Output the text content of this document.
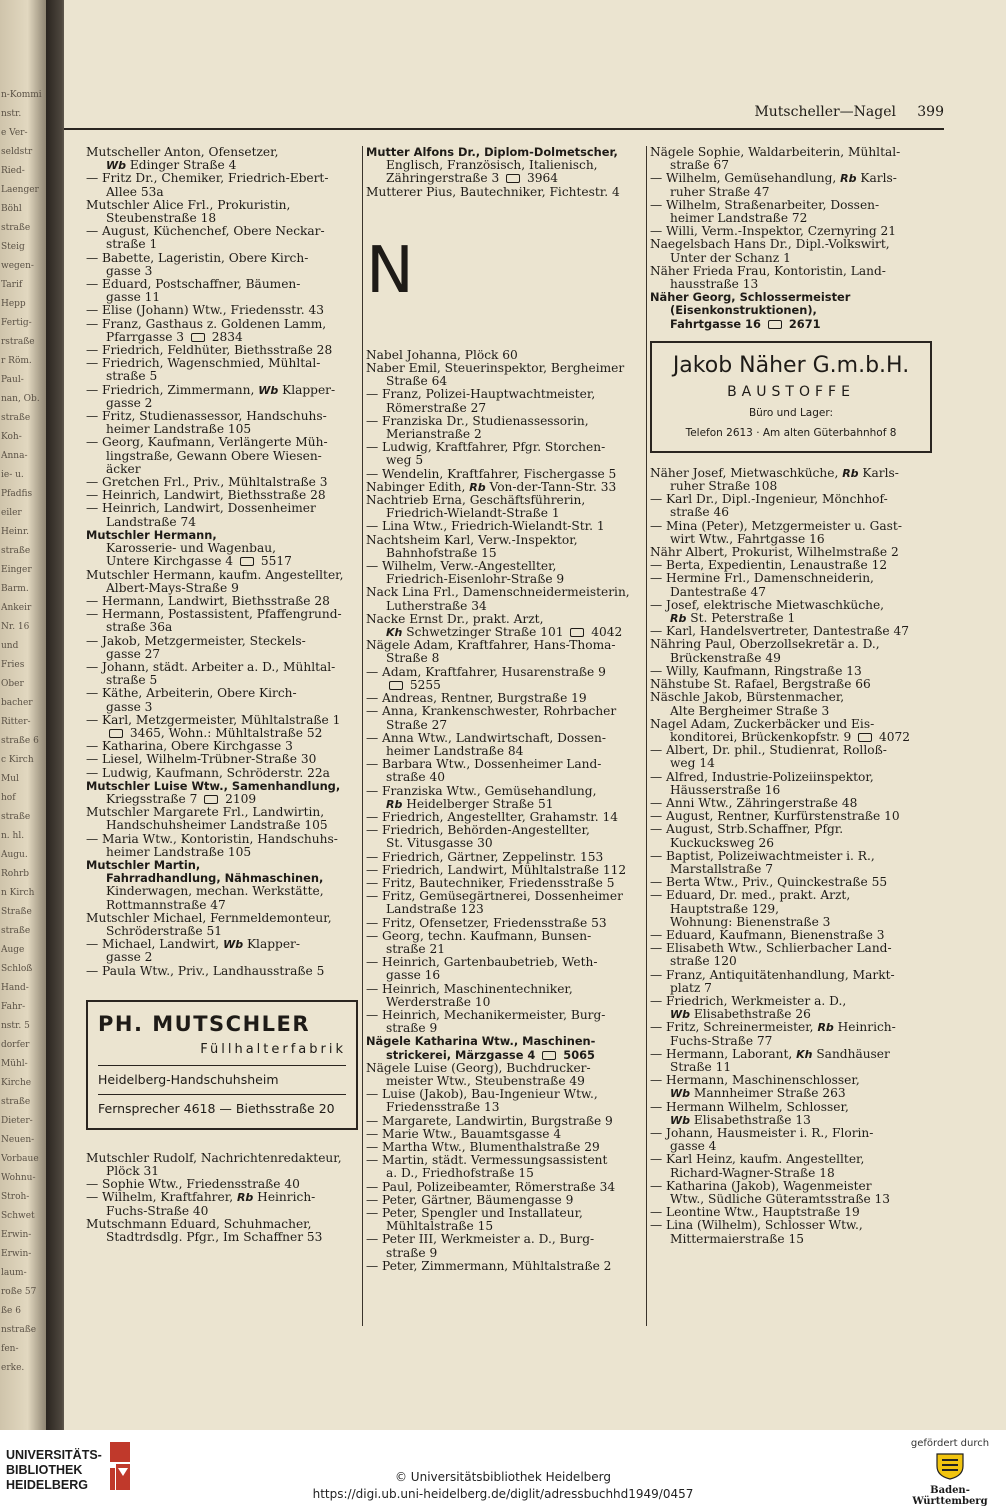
n-Kommi
nstr.
e Ver-
seldstr
Ried-
Laenger
Böhl
straße
Steig
wegen-
Tarif
Hepp
Fertig-
rstraße
r Röm.
Paul-
nan, Ob.
straße
Koh-
Anna-
ie- u.
Pfadfis
eiler
Heinr.
straße
Einger
Barm.
Ankeir
Nr. 16
und
Fries
Ober
bacher
Ritter-
straße 6
c Kirch
Mul
hof
straße
n. hl.
Augu.
Rohrb
n Kirch
Straße
straße
Auge
Schloß
Hand-
Fahr-
nstr. 5
dorfer
Mühl-
Kirche
straße
Dieter-
Neuen-
Vorbaue
Wohnu-
Stroh-
Schwet
Erwin-
Erwin-
laum-
roße 57
ße 6
nstraße
fen-
erke.
Mutscheller—Nagel 399
Mutscheller Anton, Ofensetzer,
Wb Edinger Straße 4
— Fritz Dr., Chemiker, Friedrich-Ebert-
Allee 53a
Mutschler Alice Frl., Prokuristin,
Steubenstraße 18
— August, Küchenchef, Obere Neckar-
straße 1
— Babette, Lageristin, Obere Kirch-
gasse 3
— Eduard, Postschaffner, Bäumen-
gasse 11
— Elise (Johann) Wtw., Friedensstr. 43
— Franz, Gasthaus z. Goldenen Lamm,
Pfarrgasse 3  2834
— Friedrich, Feldhüter, Biethsstraße 28
— Friedrich, Wagenschmied, Mühltal-
straße 5
— Friedrich, Zimmermann, Wb Klapper-
gasse 2
— Fritz, Studienassessor, Handschuhs-
heimer Landstraße 105
— Georg, Kaufmann, Verlängerte Müh-
lingstraße, Gewann Obere Wiesen-
äcker
— Gretchen Frl., Priv., Mühltalstraße 3
— Heinrich, Landwirt, Biethsstraße 28
— Heinrich, Landwirt, Dossenheimer
Landstraße 74
Mutschler Hermann,
Karosserie- und Wagenbau,
Untere Kirchgasse 4  5517
Mutschler Hermann, kaufm. Angestellter,
Albert-Mays-Straße 9
— Hermann, Landwirt, Biethsstraße 28
— Hermann, Postassistent, Pfaffengrund-
straße 36a
— Jakob, Metzgermeister, Steckels-
gasse 27
— Johann, städt. Arbeiter a. D., Mühltal-
straße 5
— Käthe, Arbeiterin, Obere Kirch-
gasse 3
— Karl, Metzgermeister, Mühltalstraße 1
3465, Wohn.: Mühltalstraße 52
— Katharina, Obere Kirchgasse 3
— Liesel, Wilhelm-Trübner-Straße 30
— Ludwig, Kaufmann, Schröderstr. 22a
Mutschler Luise Wtw., Samenhandlung,
Kriegsstraße 7  2109
Mutschler Margarete Frl., Landwirtin,
Handschuhsheimer Landstraße 105
— Maria Wtw., Kontoristin, Handschuhs-
heimer Landstraße 105
Mutschler Martin,
Fahrradhandlung, Nähmaschinen,
Kinderwagen, mechan. Werkstätte,
Rottmannstraße 47
Mutschler Michael, Fernmeldemonteur,
Schröderstraße 51
— Michael, Landwirt, Wb Klapper-
gasse 2
— Paula Wtw., Priv., Landhausstraße 5
PH. MUTSCHLER
Füllhalterfabrik
Heidelberg-Handschuhsheim
Fernsprecher 4618 — Biethsstraße 20
Mutschler Rudolf, Nachrichtenredakteur,
Plöck 31
— Sophie Wtw., Friedensstraße 40
— Wilhelm, Kraftfahrer, Rb Heinrich-
Fuchs-Straße 40
Mutschmann Eduard, Schuhmacher,
Stadtrdsdlg. Pfgr., Im Schaffner 53
Mutter Alfons Dr., Diplom-Dolmetscher,
Englisch, Französisch, Italienisch,
Zähringerstraße 3  3964
Mutterer Pius, Bautechniker, Fichtestr. 4
N
Nabel Johanna, Plöck 60
Naber Emil, Steuerinspektor, Bergheimer
Straße 64
— Franz, Polizei-Hauptwachtmeister,
Römerstraße 27
— Franziska Dr., Studienassessorin,
Merianstraße 2
— Ludwig, Kraftfahrer, Pfgr. Storchen-
weg 5
— Wendelin, Kraftfahrer, Fischergasse 5
Nabinger Edith, Rb Von-der-Tann-Str. 33
Nachtrieb Erna, Geschäftsführerin,
Friedrich-Wielandt-Straße 1
— Lina Wtw., Friedrich-Wielandt-Str. 1
Nachtsheim Karl, Verw.-Inspektor,
Bahnhofstraße 15
— Wilhelm, Verw.-Angestellter,
Friedrich-Eisenlohr-Straße 9
Nack Lina Frl., Damenschneidermeisterin,
Lutherstraße 34
Nacke Ernst Dr., prakt. Arzt,
Kh Schwetzinger Straße 101  4042
Nägele Adam, Kraftfahrer, Hans-Thoma-
Straße 8
— Adam, Kraftfahrer, Husarenstraße 9
5255
— Andreas, Rentner, Burgstraße 19
— Anna, Krankenschwester, Rohrbacher
Straße 27
— Anna Wtw., Landwirtschaft, Dossen-
heimer Landstraße 84
— Barbara Wtw., Dossenheimer Land-
straße 40
— Franziska Wtw., Gemüsehandlung,
Rb Heidelberger Straße 51
— Friedrich, Angestellter, Grahamstr. 14
— Friedrich, Behörden-Angestellter,
St. Vitusgasse 30
— Friedrich, Gärtner, Zeppelinstr. 153
— Friedrich, Landwirt, Mühltalstraße 112
— Fritz, Bautechniker, Friedensstraße 5
— Fritz, Gemüsegärtnerei, Dossenheimer
Landstraße 123
— Fritz, Ofensetzer, Friedensstraße 53
— Georg, techn. Kaufmann, Bunsen-
straße 21
— Heinrich, Gartenbaubetrieb, Weth-
gasse 16
— Heinrich, Maschinentechniker,
Werderstraße 10
— Heinrich, Mechanikermeister, Burg-
straße 9
Nägele Katharina Wtw., Maschinen-
strickerei, Märzgasse 4  5065
Nägele Luise (Georg), Buchdrucker-
meister Wtw., Steubenstraße 49
— Luise (Jakob), Bau-Ingenieur Wtw.,
Friedensstraße 13
— Margarete, Landwirtin, Burgstraße 9
— Marie Wtw., Bauamtsgasse 4
— Martha Wtw., Blumenthalstraße 29
— Martin, städt. Vermessungsassistent
a. D., Friedhofstraße 15
— Paul, Polizeibeamter, Römerstraße 34
— Peter, Gärtner, Bäumengasse 9
— Peter, Spengler und Installateur,
Mühltalstraße 15
— Peter III, Werkmeister a. D., Burg-
straße 9
— Peter, Zimmermann, Mühltalstraße 2
Nägele Sophie, Waldarbeiterin, Mühltal-
straße 67
— Wilhelm, Gemüsehandlung, Rb Karls-
ruher Straße 47
— Wilhelm, Straßenarbeiter, Dossen-
heimer Landstraße 72
— Willi, Verm.-Inspektor, Czernyring 21
Naegelsbach Hans Dr., Dipl.-Volkswirt,
Unter der Schanz 1
Näher Frieda Frau, Kontoristin, Land-
hausstraße 13
Näher Georg, Schlossermeister
(Eisenkonstruktionen),
Fahrtgasse 16  2671
Jakob Näher G.m.b.H.
BAUSTOFFE
Büro und Lager:
Telefon 2613 · Am alten Güterbahnhof 8
Näher Josef, Mietwaschküche, Rb Karls-
ruher Straße 108
— Karl Dr., Dipl.-Ingenieur, Mönchhof-
straße 46
— Mina (Peter), Metzgermeister u. Gast-
wirt Wtw., Fahrtgasse 16
Nähr Albert, Prokurist, Wilhelmstraße 2
— Berta, Expedientin, Lenaustraße 12
— Hermine Frl., Damenschneiderin,
Dantestraße 47
— Josef, elektrische Mietwaschküche,
Rb St. Peterstraße 1
— Karl, Handelsvertreter, Dantestraße 47
Nähring Paul, Oberzollsekretär a. D.,
Brückenstraße 49
— Willy, Kaufmann, Ringstraße 13
Nähstube St. Rafael, Bergstraße 66
Näschle Jakob, Bürstenmacher,
Alte Bergheimer Straße 3
Nagel Adam, Zuckerbäcker und Eis-
konditorei, Brückenkopfstr. 9  4072
— Albert, Dr. phil., Studienrat, Rolloß-
weg 14
— Alfred, Industrie-Polizeiinspektor,
Häusserstraße 16
— Anni Wtw., Zähringerstraße 48
— August, Rentner, Kurfürstenstraße 10
— August, Strb.Schaffner, Pfgr.
Kuckucksweg 26
— Baptist, Polizeiwachtmeister i. R.,
Marstallstraße 7
— Berta Wtw., Priv., Quinckestraße 55
— Eduard, Dr. med., prakt. Arzt,
Hauptstraße 129,
Wohnung: Bienenstraße 3
— Eduard, Kaufmann, Bienenstraße 3
— Elisabeth Wtw., Schlierbacher Land-
straße 120
— Franz, Antiquitätenhandlung, Markt-
platz 7
— Friedrich, Werkmeister a. D.,
Wb Elisabethstraße 26
— Fritz, Schreinermeister, Rb Heinrich-
Fuchs-Straße 77
— Hermann, Laborant, Kh Sandhäuser
Straße 11
— Hermann, Maschinenschlosser,
Wb Mannheimer Straße 263
— Hermann Wilhelm, Schlosser,
Wb Elisabethstraße 13
— Johann, Hausmeister i. R., Florin-
gasse 4
— Karl Heinz, kaufm. Angestellter,
Richard-Wagner-Straße 18
— Katharina (Jakob), Wagenmeister
Wtw., Südliche Güteramtsstraße 13
— Leontine Wtw., Hauptstraße 19
— Lina (Wilhelm), Schlosser Wtw.,
Mittermaierstraße 15
UNIVERSITÄTS-
BIBLIOTHEK
HEIDELBERG
© Universitätsbibliothek Heidelberg
https://digi.ub.uni-heidelberg.de/diglit/adressbuchhd1949/0457
gefördert durch
Baden-Württemberg
